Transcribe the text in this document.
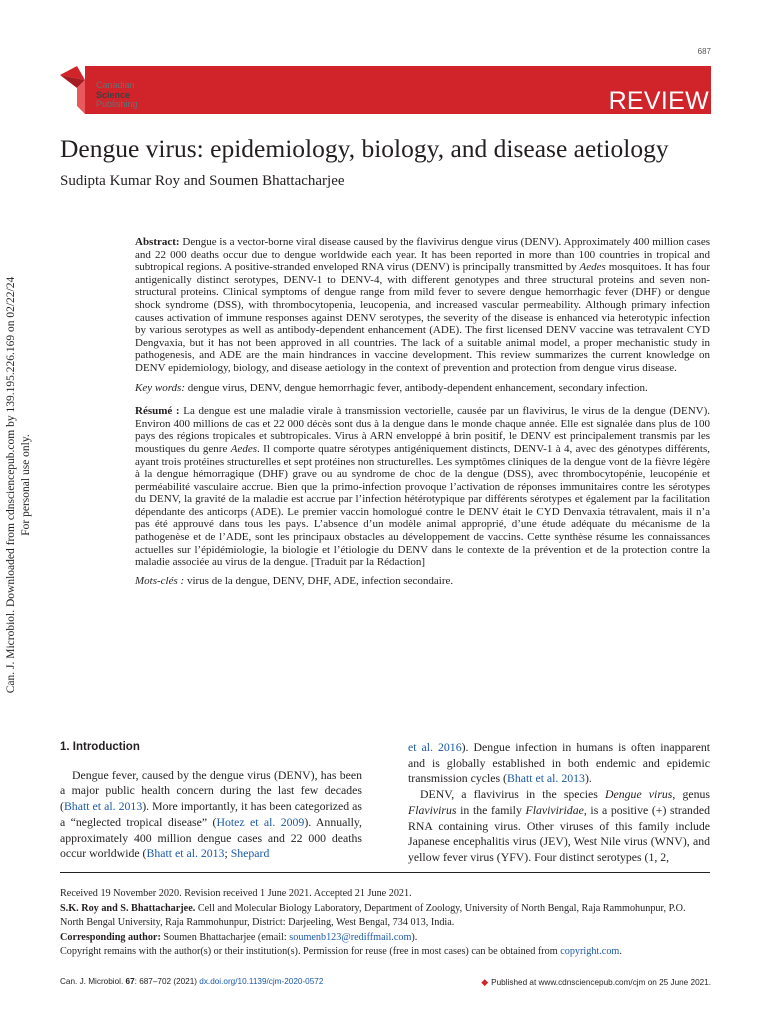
687
REVIEW
Canadian
Science
Publishing
Dengue virus: epidemiology, biology, and disease aetiology
Sudipta Kumar Roy and Soumen Bhattacharjee
Can. J. Microbiol. Downloaded from cdnsciencepub.com by 139.195.226.169 on 02/22/24 For personal use only.

Abstract: Dengue is a vector-borne viral disease caused by the flavivirus dengue virus (DENV). Approximately 400 million cases and 22 000 deaths occur due to dengue worldwide each year. It has been reported in more than 100 countries in tropical and subtropical regions. A positive-stranded enveloped RNA virus (DENV) is principally transmitted by Aedes mosquitoes. It has four antigenically distinct serotypes, DENV-1 to DENV-4, with different genotypes and three structural proteins and seven non-structural proteins. Clinical symptoms of dengue range from mild fever to severe dengue hemorrhagic fever (DHF) or dengue shock syndrome (DSS), with thrombocytopenia, leucopenia, and increased vascular permeability. Although primary infection causes activation of immune responses against DENV serotypes, the severity of the disease is enhanced via heterotypic infection by various serotypes as well as antibody-dependent enhancement (ADE). The first licensed DENV vaccine was tetravalent CYD Dengvaxia, but it has not been approved in all countries. The lack of a suitable animal model, a proper mechanistic study in pathogenesis, and ADE are the main hindrances in vaccine development. This review summarizes the current knowledge on DENV epidemiology, biology, and disease aetiology in the context of prevention and protection from dengue virus disease.

Key words: dengue virus, DENV, dengue hemorrhagic fever, antibody-dependent enhancement, secondary infection.

Résumé : La dengue est une maladie virale à transmission vectorielle, causée par un flavivirus, le virus de la dengue (DENV). Environ 400 millions de cas et 22 000 décès sont dus à la dengue dans le monde chaque année. Elle est signalée dans plus de 100 pays des régions tropicales et subtropicales. Virus à ARN enveloppé à brin positif, le DENV est principalement transmis par les moustiques du genre Aedes. Il comporte quatre sérotypes antigéniquement distincts, DENV-1 à 4, avec des génotypes différents, ayant trois protéines structurelles et sept protéines non structurelles. Les symptômes cliniques de la dengue vont de la fièvre légère à la dengue hémorragique (DHF) grave ou au syndrome de choc de la dengue (DSS), avec thrombocytopénie, leucopénie et perméabilité vasculaire accrue. Bien que la primo-infection provoque l’activation de réponses immunitaires contre les sérotypes du DENV, la gravité de la maladie est accrue par l’infection hétérotypique par différents sérotypes et également par la facilitation dépendante des anticorps (ADE). Le premier vaccin homologué contre le DENV était le CYD Denvaxia tétravalent, mais il n’a pas été approuvé dans tous les pays. L’absence d’un modèle animal approprié, d’une étude adéquate du mécanisme de la pathogenèse et de l’ADE, sont les principaux obstacles au développement de vaccins. Cette synthèse résume les connaissances actuelles sur l’épidémiologie, la biologie et l’étiologie du DENV dans le contexte de la prévention et de la protection contre la maladie associée au virus de la dengue. [Traduit par la Rédaction]

Mots-clés : virus de la dengue, DENV, DHF, ADE, infection secondaire.

1. Introduction

Dengue fever, caused by the dengue virus (DENV), has been a major public health concern during the last few decades (Bhatt et al. 2013). More importantly, it has been categorized as a “neglected tropical disease” (Hotez et al. 2009). Annually, approximately 400 million dengue cases and 22 000 deaths occur worldwide (Bhatt et al. 2013; Shepard

et al. 2016). Dengue infection in humans is often inapparent and is globally established in both endemic and epidemic transmission cycles (Bhatt et al. 2013).

DENV, a flavivirus in the species Dengue virus, genus Flavivirus in the family Flaviviridae, is a positive (+) stranded RNA containing virus. Other viruses of this family include Japanese encephalitis virus (JEV), West Nile virus (WNV), and yellow fever virus (YFV). Four distinct serotypes (1, 2,

Received 19 November 2020. Revision received 1 June 2021. Accepted 21 June 2021.

S.K. Roy and S. Bhattacharjee. Cell and Molecular Biology Laboratory, Department of Zoology, University of North Bengal, Raja Rammohunpur, P.O. North Bengal University, Raja Rammohunpur, District: Darjeeling, West Bengal, 734 013, India.

Corresponding author: Soumen Bhattacharjee (email: soumenb123@rediffmail.com).

Copyright remains with the author(s) or their institution(s). Permission for reuse (free in most cases) can be obtained from copyright.com.

Can. J. Microbiol. 67: 687–702 (2021) dx.doi.org/10.1139/cjm-2020-0572	◆ Published at www.cdnsciencepub.com/cjm on 25 June 2021.
